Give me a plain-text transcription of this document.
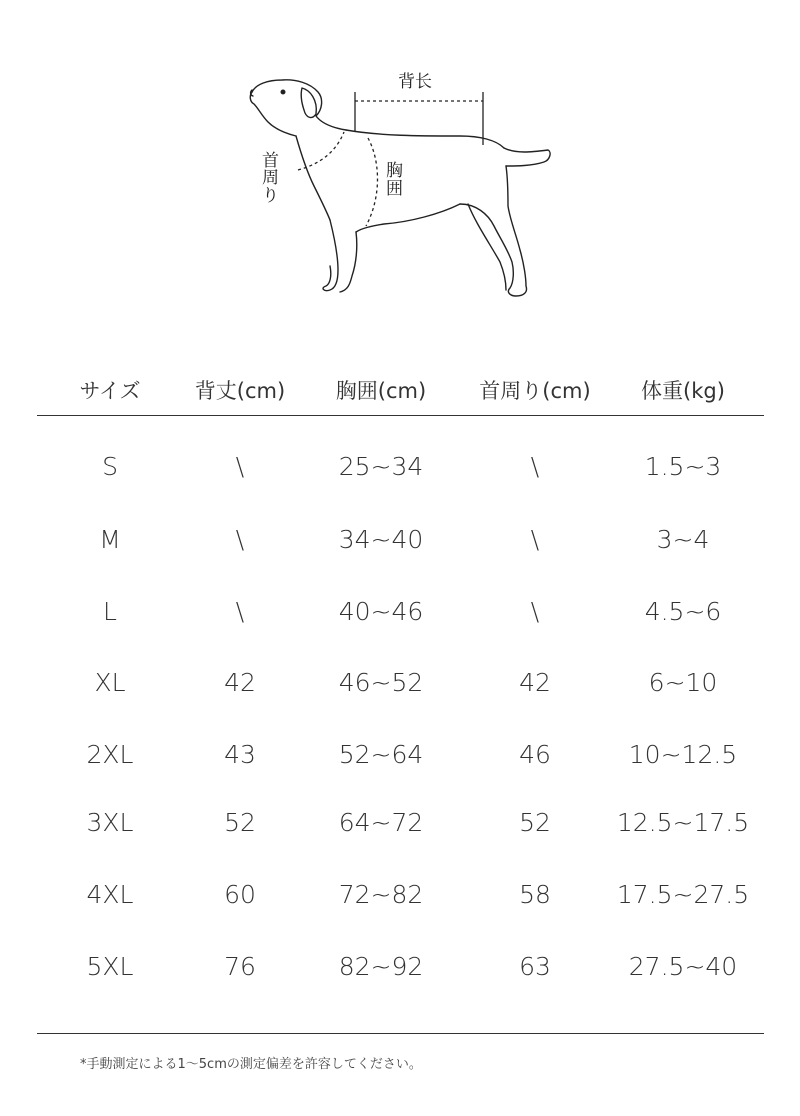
背长
胸
囲
首
周
り
サイズ	背丈(cm) 胸囲(cm)	首周り(cm) 体重(kg)
S	\	25~34	\	1.5~3
M	\	34~40	\	3~4
L	\	40~46	\	4.5~6
XL	42	46~52	42	6~10
2XL	43	52~64	46	10~12.5
3XL	52	64~72	52	12.5~17.5
4XL	60	72~82	58	17.5~27.5
5XL	76	82~92	63	27.5~40
*手動測定による1〜5cmの測定偏差を許容してください。
